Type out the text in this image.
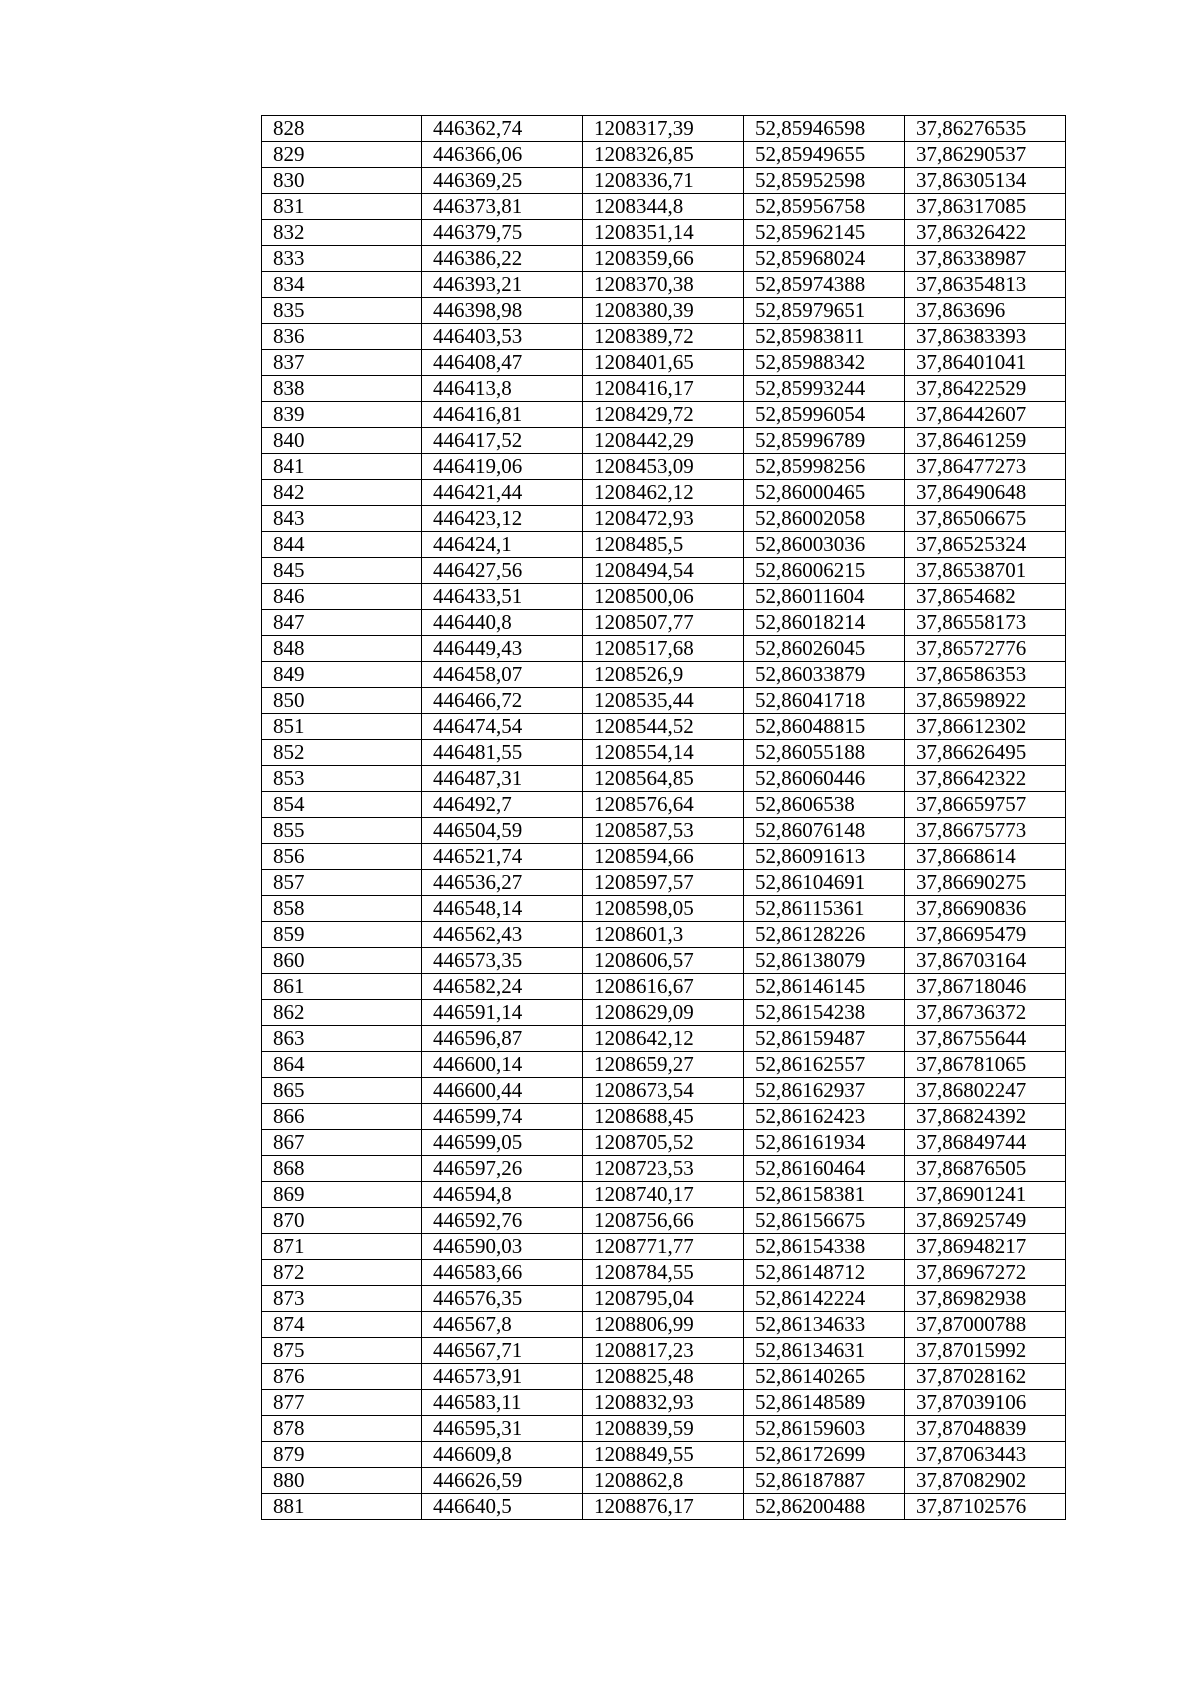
828	446362,74	1208317,39	52,85946598	37,86276535
829	446366,06	1208326,85	52,85949655	37,86290537
830	446369,25	1208336,71	52,85952598	37,86305134
831	446373,81	1208344,8	52,85956758	37,86317085
832	446379,75	1208351,14	52,85962145	37,86326422
833	446386,22	1208359,66	52,85968024	37,86338987
834	446393,21	1208370,38	52,85974388	37,86354813
835	446398,98	1208380,39	52,85979651	37,863696
836	446403,53	1208389,72	52,85983811	37,86383393
837	446408,47	1208401,65	52,85988342	37,86401041
838	446413,8	1208416,17	52,85993244	37,86422529
839	446416,81	1208429,72	52,85996054	37,86442607
840	446417,52	1208442,29	52,85996789	37,86461259
841	446419,06	1208453,09	52,85998256	37,86477273
842	446421,44	1208462,12	52,86000465	37,86490648
843	446423,12	1208472,93	52,86002058	37,86506675
844	446424,1	1208485,5	52,86003036	37,86525324
845	446427,56	1208494,54	52,86006215	37,86538701
846	446433,51	1208500,06	52,86011604	37,8654682
847	446440,8	1208507,77	52,86018214	37,86558173
848	446449,43	1208517,68	52,86026045	37,86572776
849	446458,07	1208526,9	52,86033879	37,86586353
850	446466,72	1208535,44	52,86041718	37,86598922
851	446474,54	1208544,52	52,86048815	37,86612302
852	446481,55	1208554,14	52,86055188	37,86626495
853	446487,31	1208564,85	52,86060446	37,86642322
854	446492,7	1208576,64	52,8606538	37,86659757
855	446504,59	1208587,53	52,86076148	37,86675773
856	446521,74	1208594,66	52,86091613	37,8668614
857	446536,27	1208597,57	52,86104691	37,86690275
858	446548,14	1208598,05	52,86115361	37,86690836
859	446562,43	1208601,3	52,86128226	37,86695479
860	446573,35	1208606,57	52,86138079	37,86703164
861	446582,24	1208616,67	52,86146145	37,86718046
862	446591,14	1208629,09	52,86154238	37,86736372
863	446596,87	1208642,12	52,86159487	37,86755644
864	446600,14	1208659,27	52,86162557	37,86781065
865	446600,44	1208673,54	52,86162937	37,86802247
866	446599,74	1208688,45	52,86162423	37,86824392
867	446599,05	1208705,52	52,86161934	37,86849744
868	446597,26	1208723,53	52,86160464	37,86876505
869	446594,8	1208740,17	52,86158381	37,86901241
870	446592,76	1208756,66	52,86156675	37,86925749
871	446590,03	1208771,77	52,86154338	37,86948217
872	446583,66	1208784,55	52,86148712	37,86967272
873	446576,35	1208795,04	52,86142224	37,86982938
874	446567,8	1208806,99	52,86134633	37,87000788
875	446567,71	1208817,23	52,86134631	37,87015992
876	446573,91	1208825,48	52,86140265	37,87028162
877	446583,11	1208832,93	52,86148589	37,87039106
878	446595,31	1208839,59	52,86159603	37,87048839
879	446609,8	1208849,55	52,86172699	37,87063443
880	446626,59	1208862,8	52,86187887	37,87082902
881	446640,5	1208876,17	52,86200488	37,87102576
